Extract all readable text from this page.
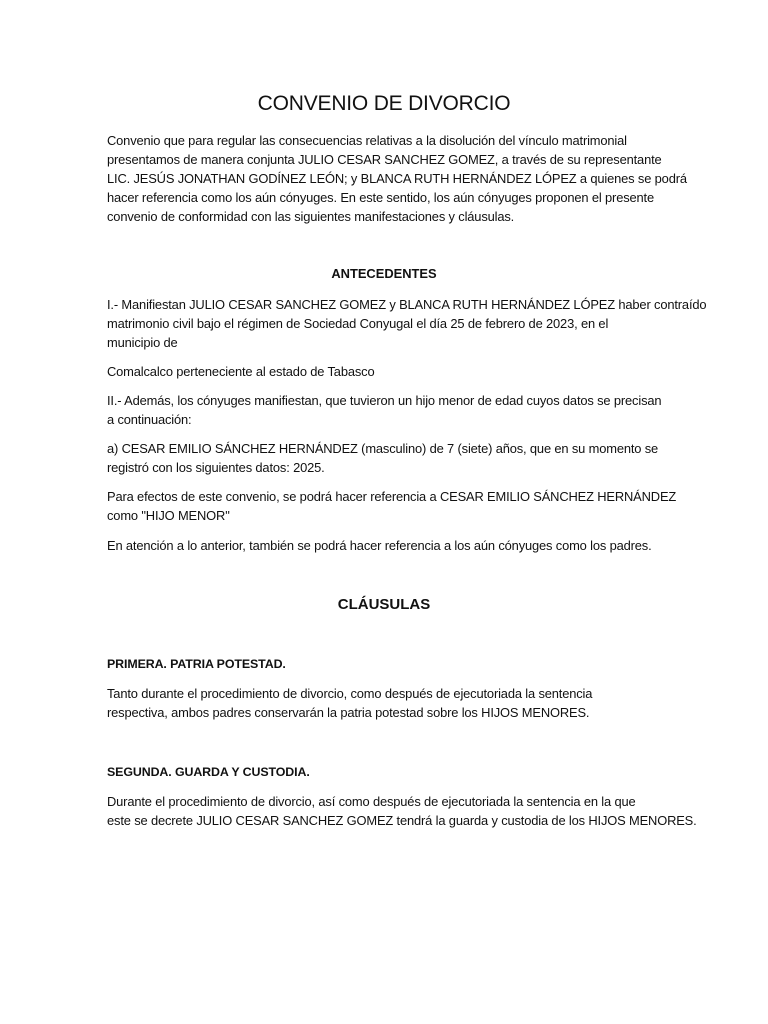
CONVENIO DE DIVORCIO

Convenio que para regular las consecuencias relativas a la disolución del vínculo matrimonial
presentamos de manera conjunta JULIO CESAR SANCHEZ GOMEZ, a través de su representante
LIC. JESÚS JONATHAN GODÍNEZ LEÓN; y BLANCA RUTH HERNÁNDEZ LÓPEZ a quienes se podrá
hacer referencia como los aún cónyuges. En este sentido, los aún cónyuges proponen el presente
convenio de conformidad con las siguientes manifestaciones y cláusulas.

ANTECEDENTES

I.- Manifiestan JULIO CESAR SANCHEZ GOMEZ y BLANCA RUTH HERNÁNDEZ LÓPEZ haber contraído
matrimonio civil bajo el régimen de Sociedad Conyugal el día 25 de febrero de 2023, en el
municipio de

Comalcalco perteneciente al estado de Tabasco

II.- Además, los cónyuges manifiestan, que tuvieron un hijo menor de edad cuyos datos se precisan
a continuación:

a) CESAR EMILIO SÁNCHEZ HERNÁNDEZ (masculino) de 7 (siete) años, que en su momento se
registró con los siguientes datos: 2025.

Para efectos de este convenio, se podrá hacer referencia a CESAR EMILIO SÁNCHEZ HERNÁNDEZ
como "HIJO MENOR"

En atención a lo anterior, también se podrá hacer referencia a los aún cónyuges como los padres.

CLÁUSULAS
PRIMERA. PATRIA POTESTAD.

Tanto durante el procedimiento de divorcio, como después de ejecutoriada la sentencia
respectiva, ambos padres conservarán la patria potestad sobre los HIJOS MENORES.

SEGUNDA. GUARDA Y CUSTODIA.

Durante el procedimiento de divorcio, así como después de ejecutoriada la sentencia en la que
este se decrete JULIO CESAR SANCHEZ GOMEZ tendrá la guarda y custodia de los HIJOS MENORES.
